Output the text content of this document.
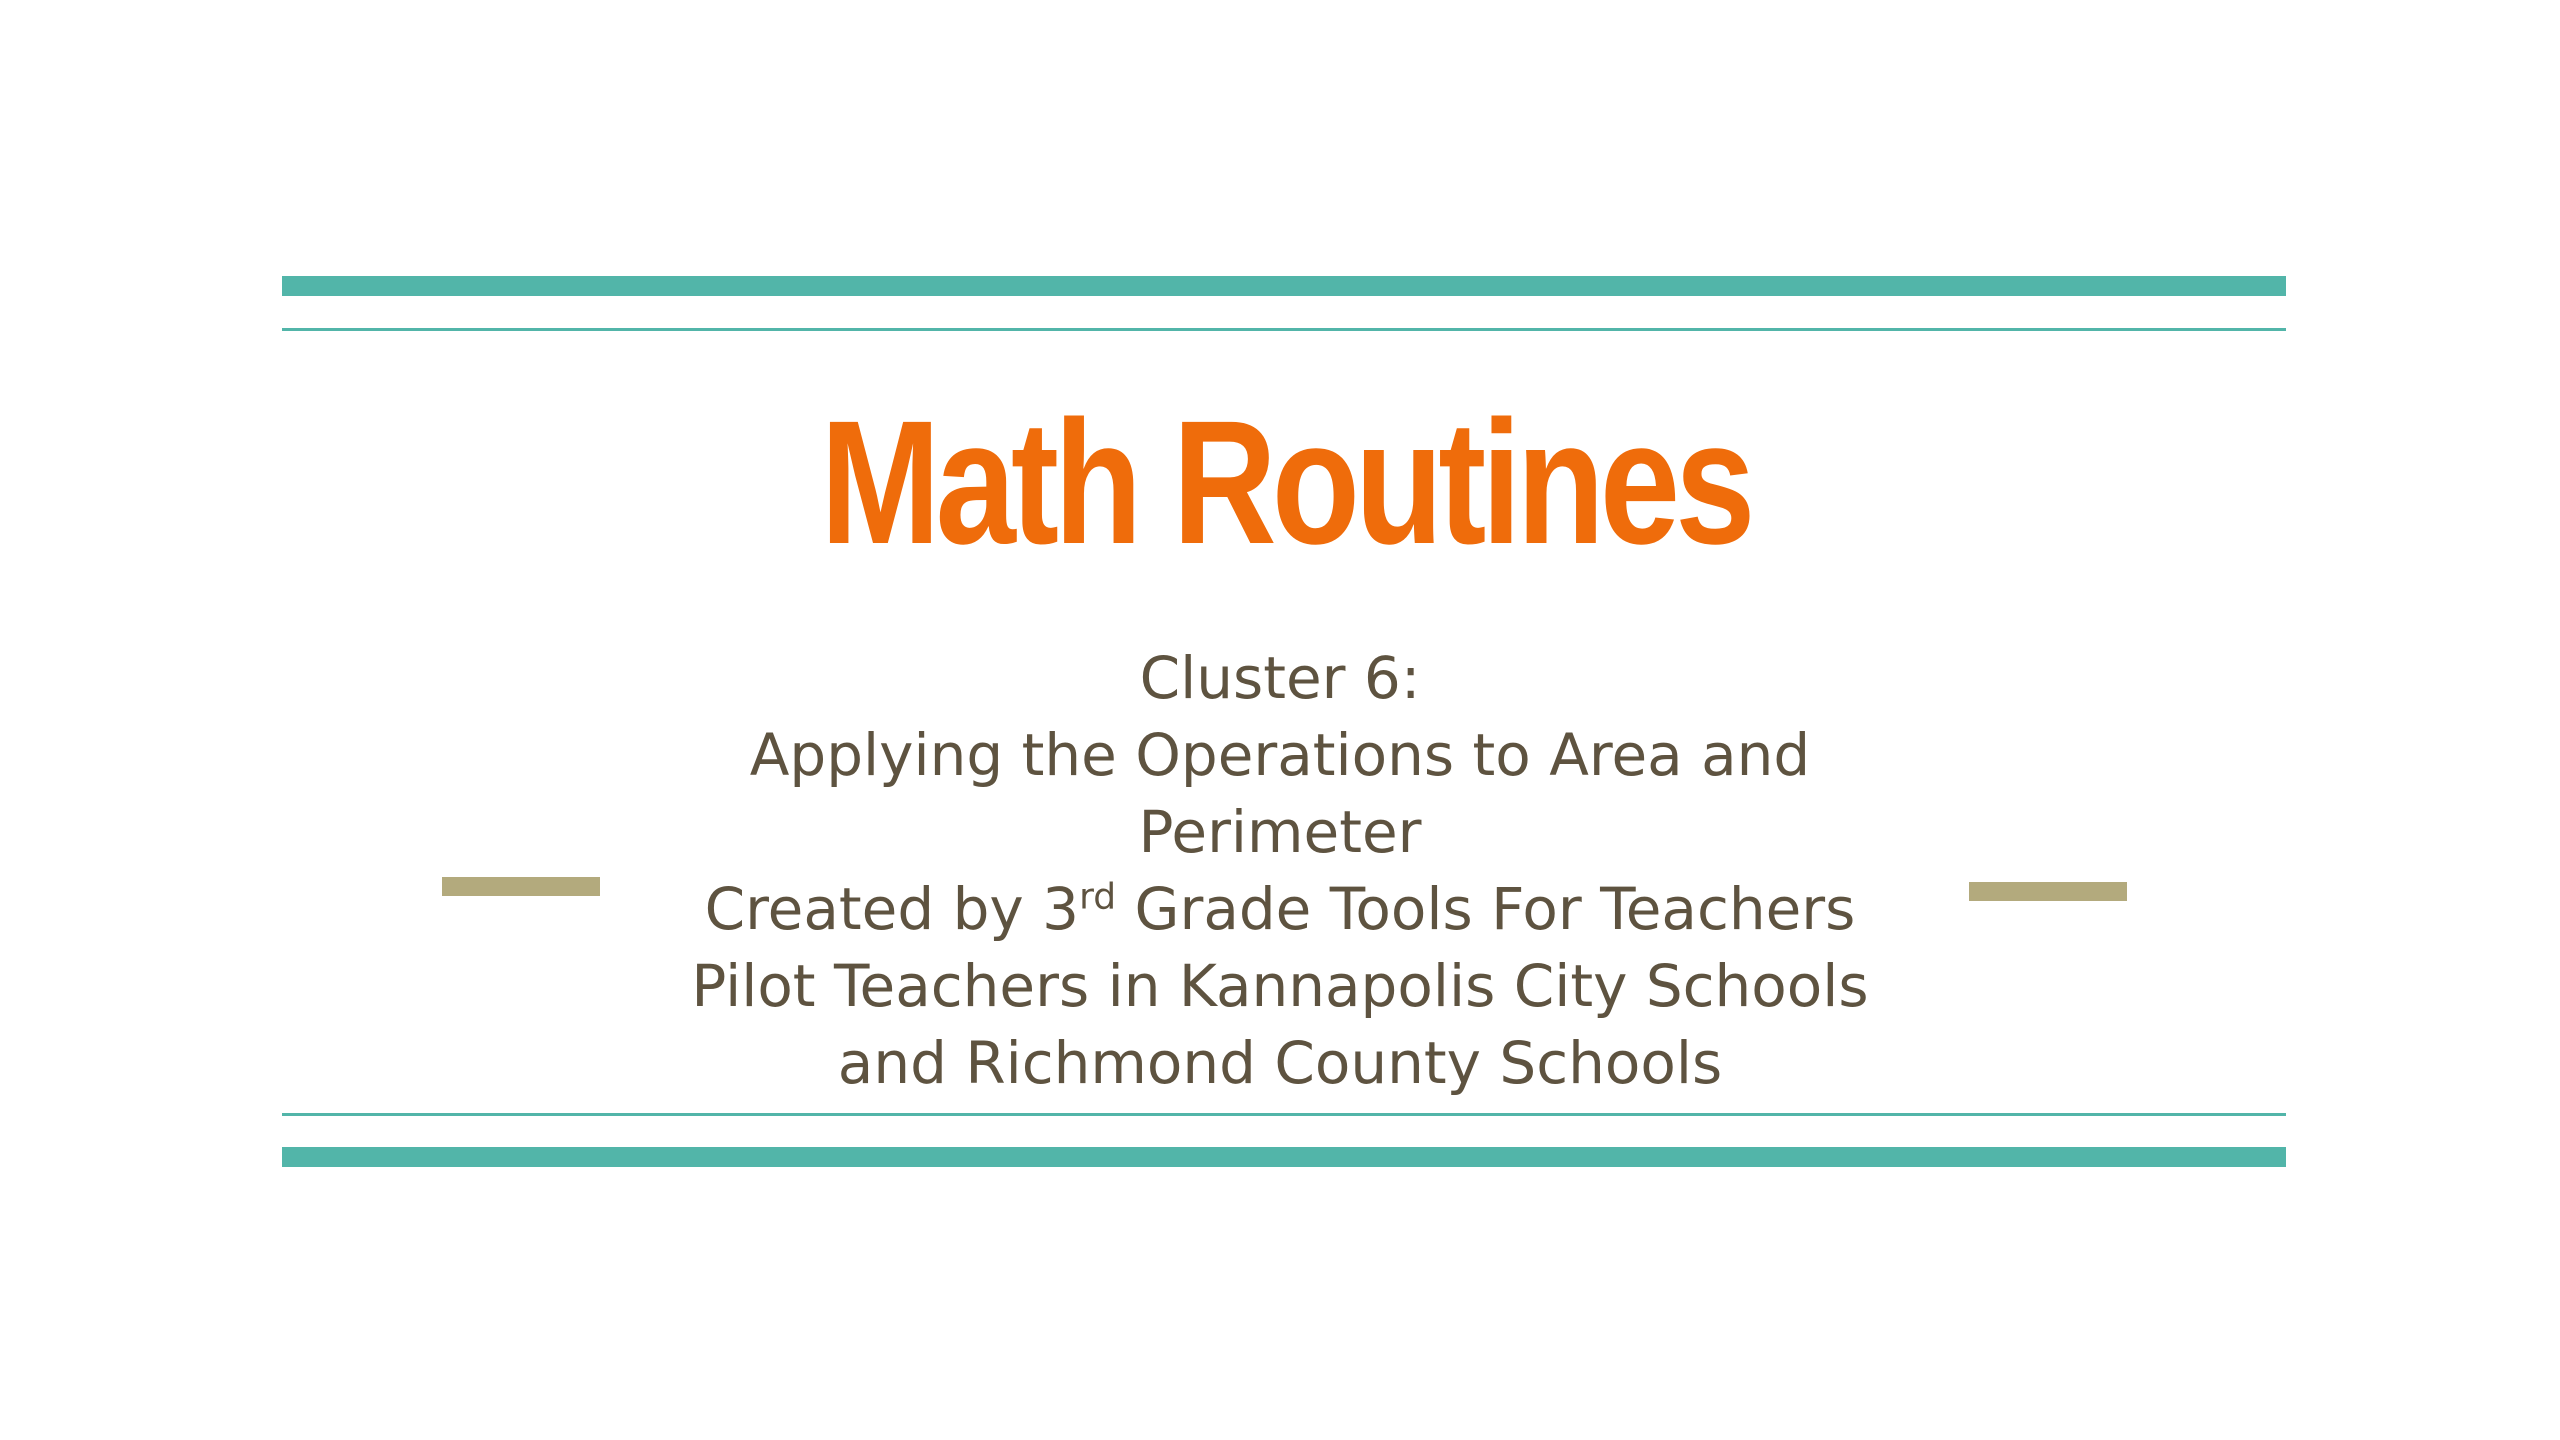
Math Routines
Cluster 6:
Applying the Operations to Area and
Perimeter
Created by 3rd Grade Tools For Teachers
Pilot Teachers in Kannapolis City Schools
and Richmond County Schools
